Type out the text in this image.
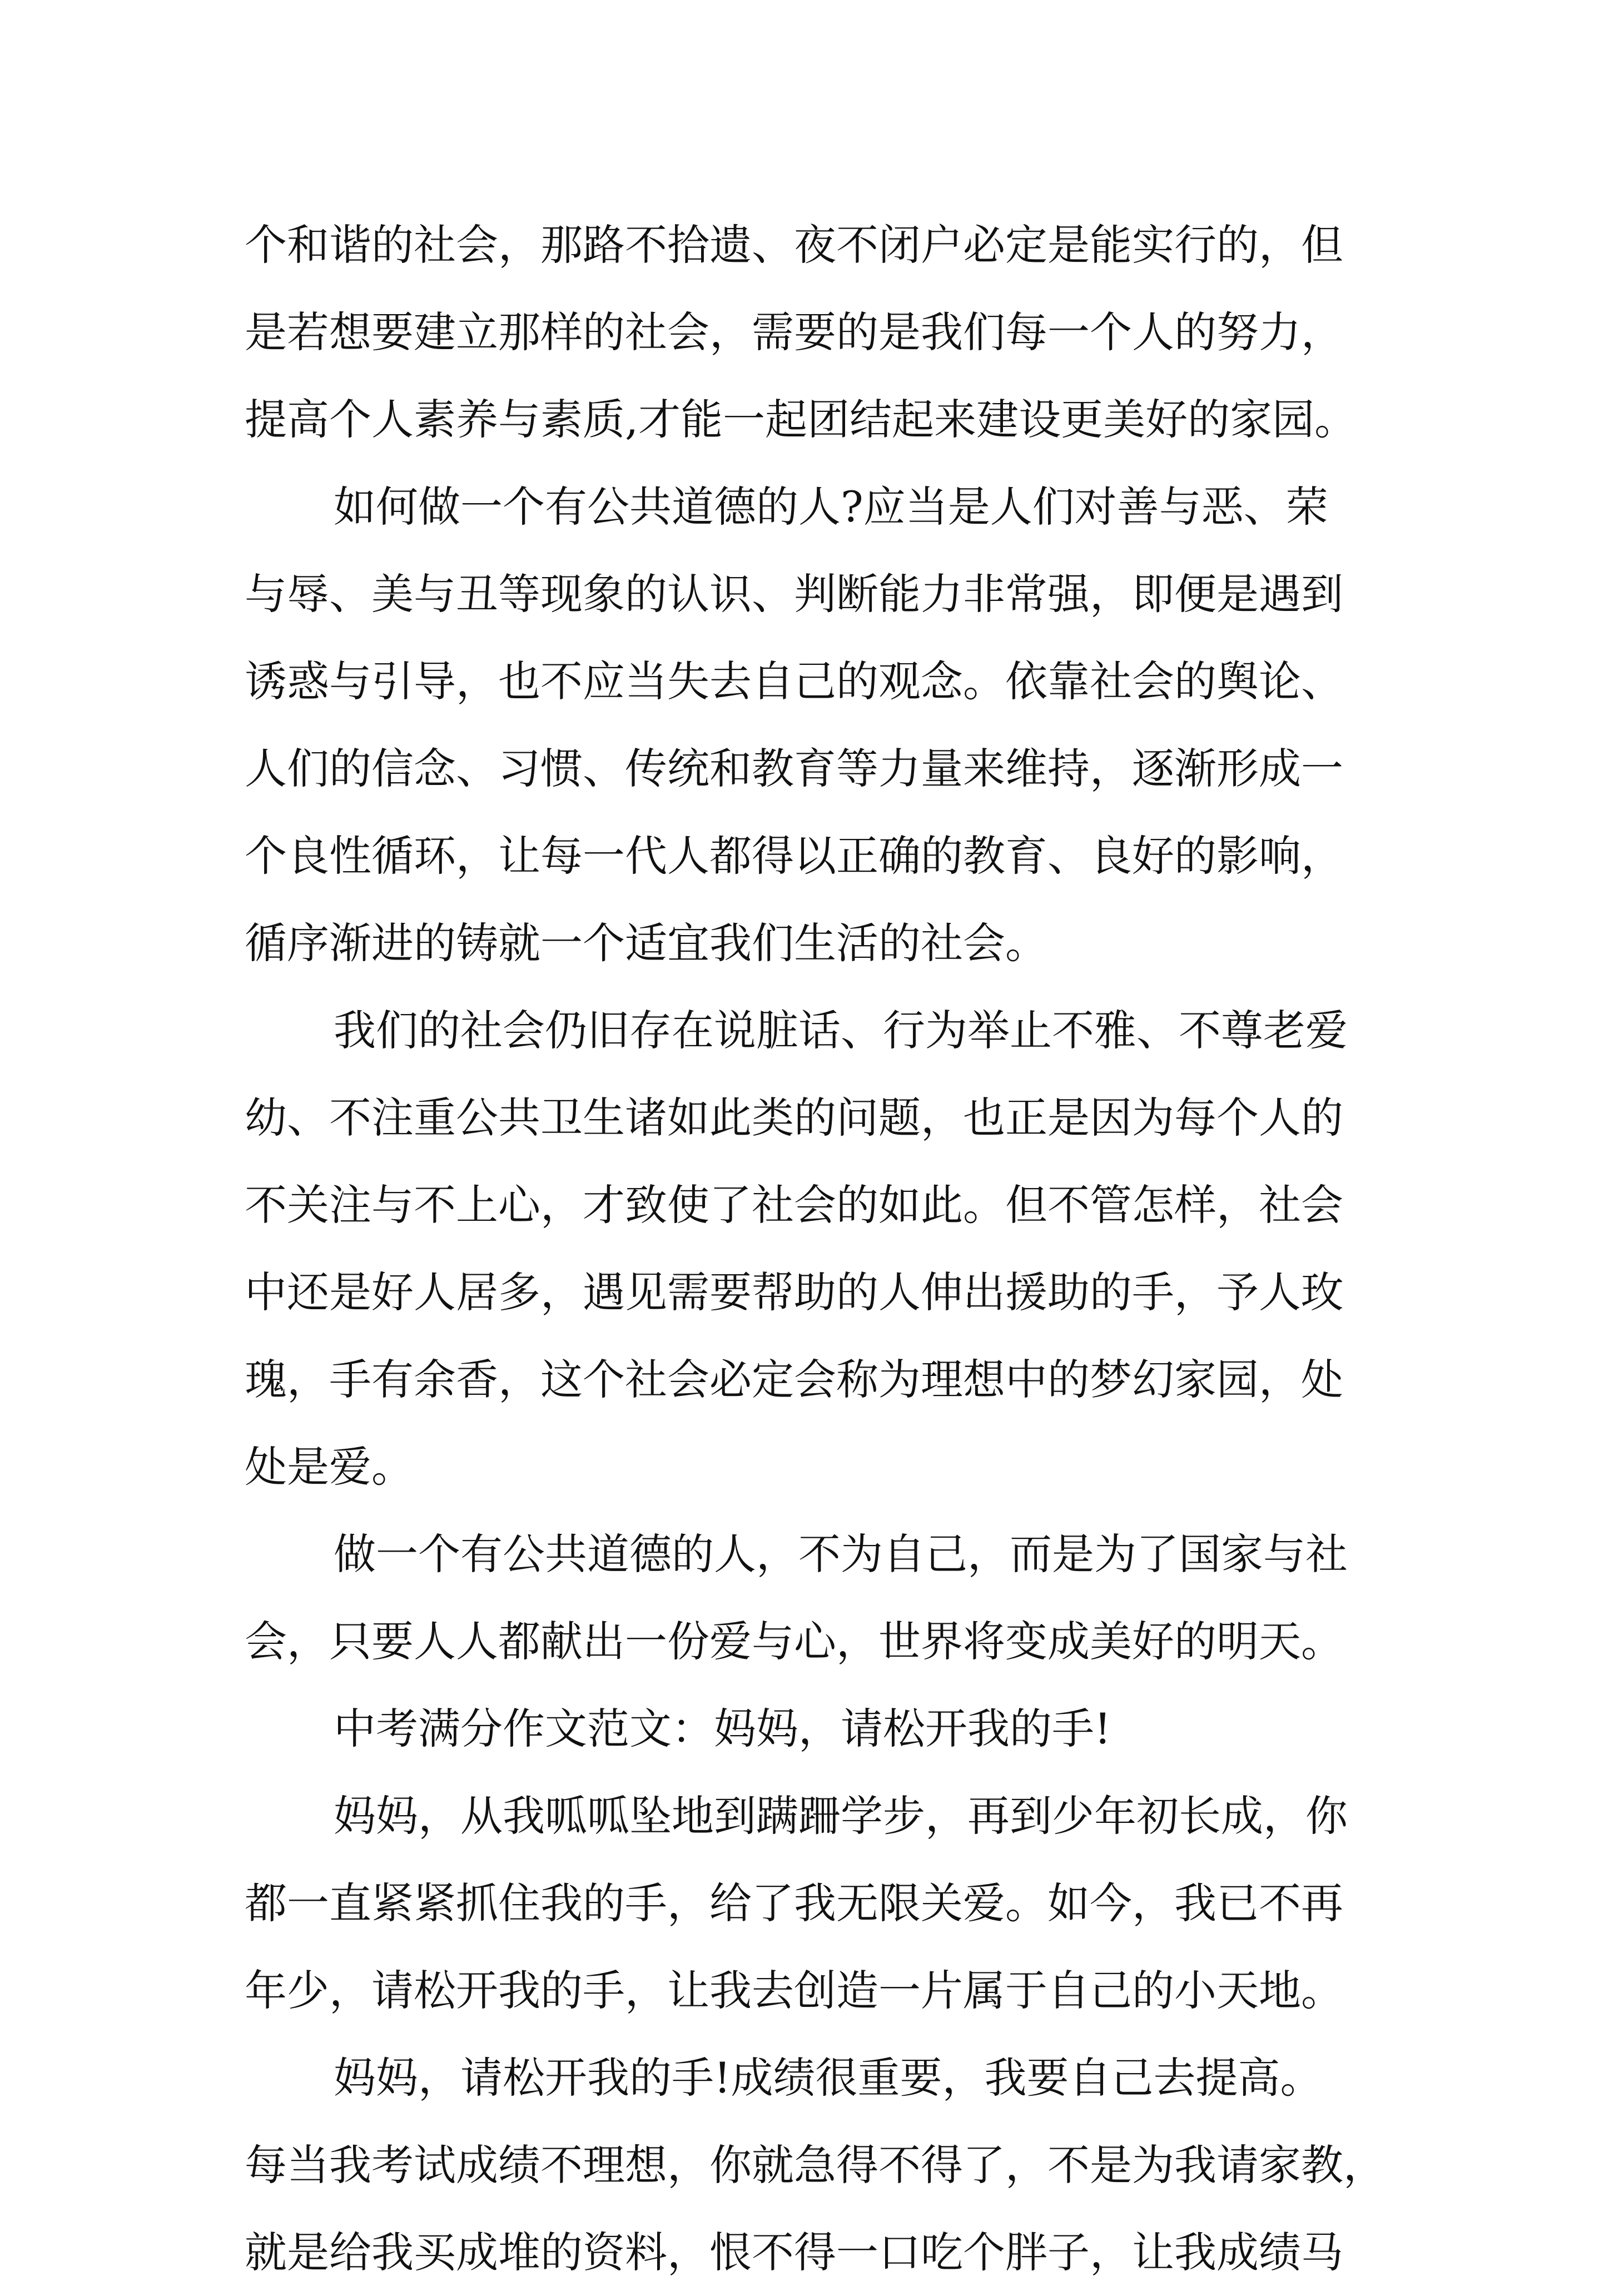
个和谐的社会，那路不拾遗、夜不闭户必定是能实行的，但
是若想要建立那样的社会，需要的是我们每一个人的努力，
提高个人素养与素质,才能一起团结起来建设更美好的家园。
如何做一个有公共道德的人?应当是人们对善与恶、荣
与辱、美与丑等现象的认识、判断能力非常强，即便是遇到
诱惑与引导，也不应当失去自己的观念。依靠社会的舆论、
人们的信念、习惯、传统和教育等力量来维持，逐渐形成一
个良性循环，让每一代人都得以正确的教育、良好的影响，
循序渐进的铸就一个适宜我们生活的社会。
我们的社会仍旧存在说脏话、行为举止不雅、不尊老爱
幼、不注重公共卫生诸如此类的问题，也正是因为每个人的
不关注与不上心，才致使了社会的如此。但不管怎样，社会
中还是好人居多，遇见需要帮助的人伸出援助的手，予人玫
瑰，手有余香，这个社会必定会称为理想中的梦幻家园，处
处是爱。
做一个有公共道德的人，不为自己，而是为了国家与社
会，只要人人都献出一份爱与心，世界将变成美好的明天。
中考满分作文范文：妈妈，请松开我的手!
妈妈，从我呱呱坠地到蹒跚学步，再到少年初长成，你
都一直紧紧抓住我的手，给了我无限关爱。如今，我已不再
年少，请松开我的手，让我去创造一片属于自己的小天地。
妈妈，请松开我的手!成绩很重要，我要自己去提高。
每当我考试成绩不理想，你就急得不得了，不是为我请家教，
就是给我买成堆的资料，恨不得一口吃个胖子，让我成绩马
